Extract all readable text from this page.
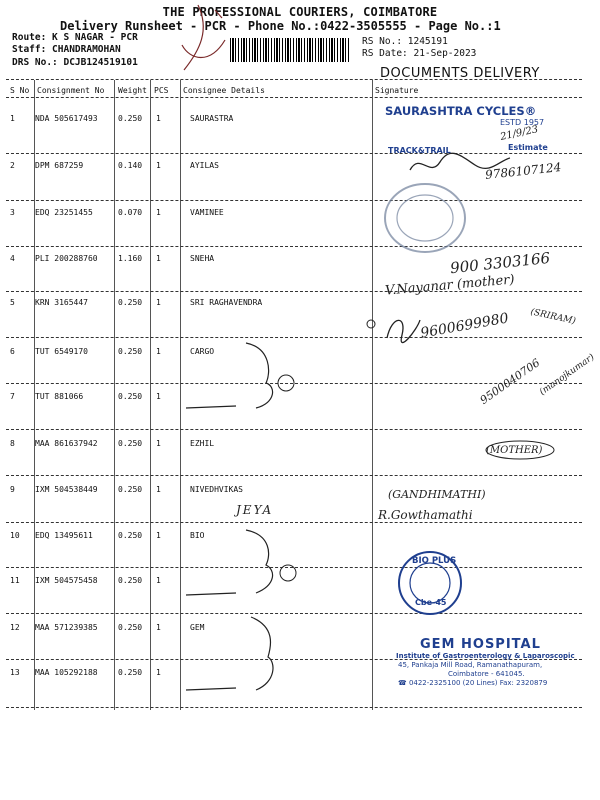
THE PROFESSIONAL COURIERS, COIMBATORE
Delivery Runsheet - PCR - Phone No.:0422-3505555 - Page No.:1
Route: K S NAGAR - PCR
Staff: CHANDRAMOHAN
DRS No.: DCJB124519101
RS No.: 1245191
RS Date: 21-Sep-2023
DOCUMENTS DELIVERY
S No Consignment No Weight PCS Consignee Details	Signature
1	NDA 505617493	0.250 1	SAURASTRA
2	DPM 687259	0.140 1	AYILAS
3	EDQ 23251455	0.070 1	VAMINEE
4	PLI 200288760	1.160 1	SNEHA
5	KRN 3165447	0.250 1	SRI RAGHAVENDRA
6	TUT 6549170	0.250 1	CARGO
7	TUT 881066	0.250 1
8	MAA 861637942	0.250 1	EZHIL
9	IXM 504538449	0.250 1	NIVEDHVIKAS
10 EDQ 13495611	0.250 1	BIO
11 IXM 504575458	0.250 1
12 MAA 571239385	0.250 1	GEM
13 MAA 105292188	0.250 1
SAURASHTRA CYCLES®
ESTD 1957
Estimate
TRACK&TRAIL
BIO PLUS
Cbe-45
GEM HOSPITAL
Institute of Gastroenterology & Laparoscopic
45, Pankaja Mill Road, Ramanathapuram,
Coimbatore - 641045.
☎ 0422-2325100 (20 Lines) Fax: 2320879
21/9/23
9786107124
900 3303166
V.Nayanar (mother)
9600699980 (SRIRAM)
9500040706
(manojkumar)
(MOTHER)
(GANDHIMATHI)
R.Gowthamathi
JEYA
